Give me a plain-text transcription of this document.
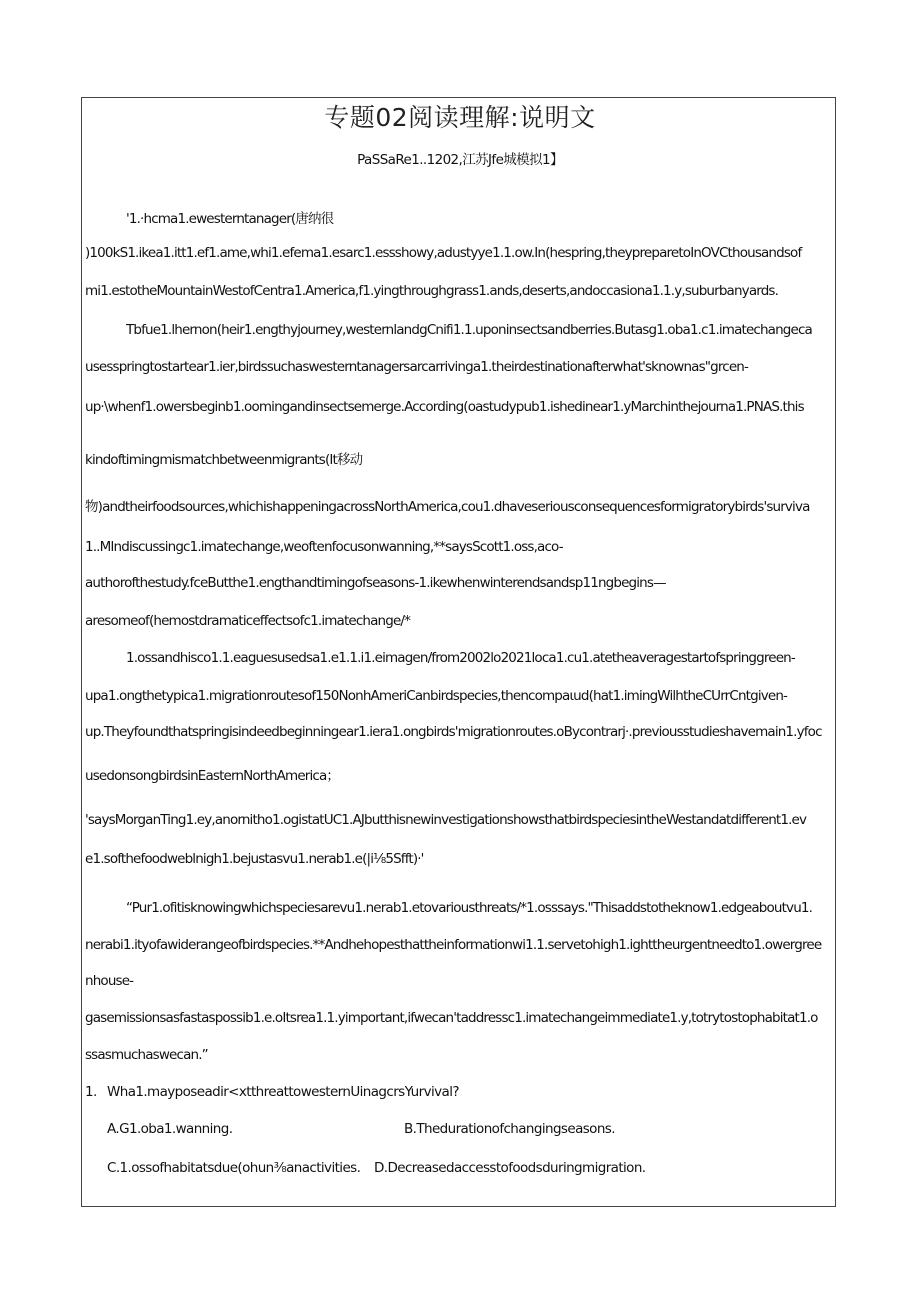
专题02阅读理解:说明文
PaSSaRe1..1202,江苏Jfe城模拟1】
'1.·hcma1.ewesterntanager(唐纳很
)100kS1.ikea1.itt1.ef1.ame,whi1.efema1.esarc1.essshowy,adustyye1.1.ow.In(hespring,theypreparetoInOVCthousandsof
mi1.estotheMountainWestofCentra1.America,f1.yingthroughgrass1.ands,deserts,andoccasiona1.1.y,suburbanyards.
Tbfue1.lhernon(heir1.engthyjourney,westernlandgCnifi1.1.uponinsectsandberries.Butasg1.oba1.c1.imatechangeca
usesspringtostartear1.ier,birdssuchaswesterntanagersarcarrivinga1.theirdestinationafterwhat'sknownas"grcen-
up·\whenf1.owersbeginb1.oomingandinsectsemerge.According(oastudypub1.ishedinear1.yMarchinthejourna1.PNAS.this
kindoftimingmismatchbetweenmigrants(It移动
物)andtheirfoodsources,whichishappeningacrossNorthAmerica,cou1.dhaveseriousconsequencesformigratorybirds'surviva
1..MIndiscussingc1.imatechange,weoftenfocusonwanning,**saysScott1.oss,aco-
authorofthestudy.fceButthe1.engthandtimingofseasons-1.ikewhenwinterendsandsp11ngbegins—
aresomeof(hemostdramaticeffectsofc1.imatechange/*
1.ossandhisco1.1.eaguesusedsa1.e1.1.i1.eimagen/from2002lo2021loca1.cu1.atetheaveragestartofspringgreen-
upa1.ongthetypica1.migrationroutesof150NonhAmeriCanbirdspecies,thencompaιud(hat1.imingWilhtheCUrrCntgiven-
up.Theyfoundthatspringisindeedbeginningear1.iera1.ongbirds'migrationroutes.oBycontrarj·.previousstudieshavemain1.yfoc
usedonsongbirdsinEasternNorthAmerica；
'saysMorganTing1.ey,anornitho1.ogistatUC1.AJbutthisnewinvestigationshowsthatbirdspeciesintheWestandatdifferent1.ev
e1.softhefoodweblnigh1.bejustasvu1.nerab1.e(|i⅛5Sfft)·'
“Pur1.ofitisknowingwhichspeciesarevu1.nerab1.etovariousthreats/*1.osssays."Thisaddstotheknow1.edgeaboutvu1.
nerabi1.ityofawiderangeofbirdspecies.**Andhehopesthattheinformationwi1.1.servetohigh1.ighttheurgentneedto1.owergree
nhouse-
gasemissionsasfastaspossib1.e.oItsrea1.1.yimportant,ifwecan'taddressc1.imatechangeimmediate1.y,totrytostophabitat1.o
ssasmuchaswecan.”
1. Wha1.mayposeadir<xtthreattowesternUinagcrsYurvival?
A.G1.oba1.wanning.	B.Thedurationofchangingseasons.
C.1.ossofhabitatsdue(ohun⅜anactivities. D.Decreasedaccesstofoodsduringmigration.
